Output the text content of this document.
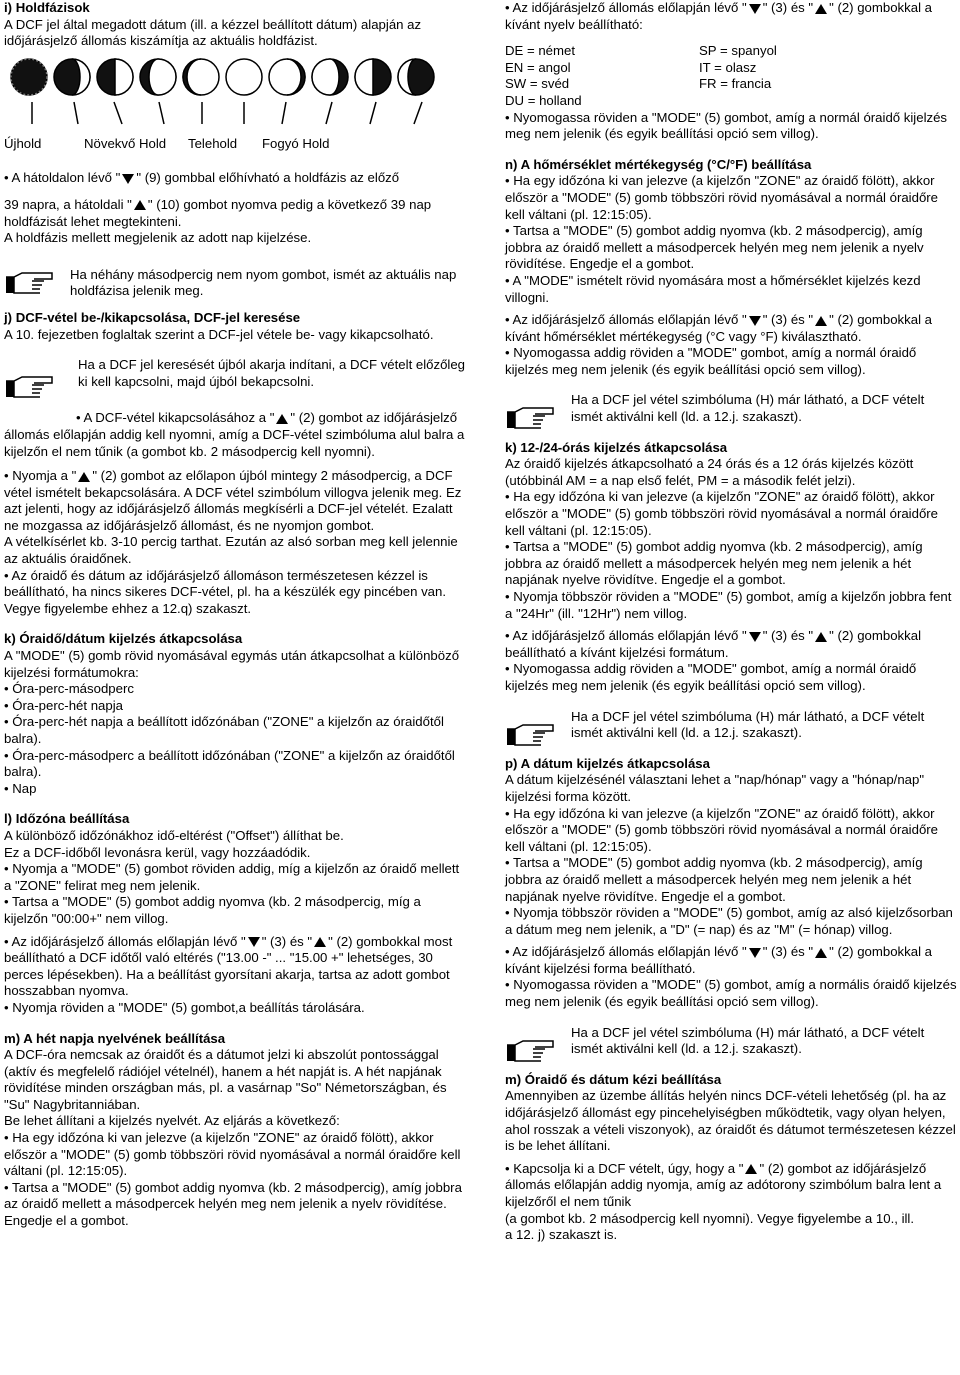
i) Holdfázisok

A DCF jel által megadott dátum (ill. a kézzel beállított dátum) alapján az időjárásjelző állomás kiszámítja az aktuális holdfázist.

Újhold	Növekvő Hold Telehold Fogyó Hold

• A hátoldalon lévő " " (9) gombbal előhívható a holdfázis az előző

39 napra, a hátoldali " " (10) gombot nyomva pedig a következő 39 nap holdfázisát lehet megtekinteni.

A holdfázis mellett megjelenik az adott nap kijelzése.

Ha néhány másodpercig nem nyom gombot, ismét az aktuális nap holdfázisa jelenik meg.

j) DCF-vétel be-/kikapcsolása, DCF-jel keresése

A 10. fejezetben foglaltak szerint a DCF-jel vétele be- vagy kikapcsolható.

Ha a DCF jel keresését újból akarja indítani, a DCF vételt előzőleg ki kell kapcsolni, majd újból bekapcsolni.

• A DCF-vétel kikapcsolásához a " " (2) gombot az időjárásjelző állomás előlapján addig kell nyomni, amíg a DCF-vétel szimbóluma alul balra a kijelzőn el nem tűnik (a gombot kb. 2 másodpercig kell nyomni).

• Nyomja a " " (2) gombot az előlapon újból mintegy 2 másodpercig, a DCF vétel ismételt bekapcsolására. A DCF vétel szimbólum villogva jelenik meg. Ez azt jelenti, hogy az időjárásjelző állomás megkísérli a DCF-jel vételét. Ezalatt ne mozgassa az időjárásjelző állomást, és ne nyomjon gombot.

A vételkísérlet kb. 3-10 percig tarthat. Ezután az alsó sorban meg kell jelennie az aktuális óraidőnek.

• Az óraidő és dátum az időjárásjelző állomáson természetesen kézzel is beállítható, ha nincs sikeres DCF-vétel, pl. ha a készülék egy pincében van. Vegye figyelembe ehhez a 12.q) szakaszt.

k) Óraidő/dátum kijelzés átkapcsolása

A "MODE" (5) gomb rövid nyomásával egymás után átkapcsolhat a különböző kijelzési formátumokra:

• Óra-perc-másodperc

• Óra-perc-hét napja

• Óra-perc-hét napja a beállított időzónában ("ZONE" a kijelzőn az óraidőtől balra).

• Óra-perc-másodperc a beállított időzónában ("ZONE" a kijelzőn az óraidőtől balra).

• Nap

l) Időzóna beállítása

A különböző időzónákhoz idő-eltérést ("Offset") állíthat be.

Ez a DCF-időből levonásra kerül, vagy hozzáadódik.

• Nyomja a "MODE" (5) gombot röviden addig, míg a kijelzőn az óraidő mellett a "ZONE" felirat meg nem jelenik.

• Tartsa a "MODE" (5) gombot addig nyomva (kb. 2 másodpercig, míg a kijelzőn "00:00+" nem villog.

• Az időjárásjelző állomás előlapján lévő " " (3) és " " (2) gombokkal most beállítható a DCF időtől való eltérés ("13.00 -" ... "15.00 +" lehetséges, 30 perces lépésekben). Ha a beállítást gyorsítani akarja, tartsa az adott gombot hosszabban nyomva.

• Nyomja röviden a "MODE" (5) gombot,a beállítás tárolására.

m) A hét napja nyelvének beállítása

A DCF-óra nemcsak az óraidőt és a dátumot jelzi ki abszolút pontossággal (aktív és megfelelő rádiójel vételnél), hanem a hét napját is. A hét napjának rövidítése minden országban más, pl. a vasárnap "So" Németországban, és "Su" Nagybritanniában.

Be lehet állítani a kijelzés nyelvét. Az eljárás a következő:

• Ha egy időzóna ki van jelezve (a kijelzőn "ZONE" az óraidő fölött), akkor először a "MODE" (5) gomb többszöri rövid nyomásával a normál óraidőre kell váltani (pl. 12:15:05).

• Tartsa a "MODE" (5) gombot addig nyomva (kb. 2 másodpercig), amíg jobbra az óraidő mellett a másodpercek helyén meg nem jelenik a nyelv rövidítése. Engedje el a gombot.

• Az időjárásjelző állomás előlapján lévő " " (3) és " " (2) gombokkal a kívánt nyelv beállítható:

DE = német	SP = spanyol
EN = angol	IT = olasz
SW = svéd	FR = francia
DU = holland

• Nyomogassa röviden a "MODE" (5) gombot, amíg a normál óraidő kijelzés meg nem jelenik (és egyik beállítási opció sem villog).

n) A hőmérséklet mértékegység (°C/°F) beállítása

• Ha egy időzóna ki van jelezve (a kijelzőn "ZONE" az óraidő fölött), akkor először a "MODE" (5) gomb többszöri rövid nyomásával a normál óraidőre kell váltani (pl. 12:15:05).

• Tartsa a "MODE" (5) gombot addig nyomva (kb. 2 másodpercig), amíg jobbra az óraidő mellett a másodpercek helyén meg nem jelenik a nyelv rövidítése. Engedje el a gombot.

• A "MODE" ismételt rövid nyomására most a hőmérséklet kijelzés kezd villogni.

• Az időjárásjelző állomás előlapján lévő " " (3) és " " (2) gombokkal a kívánt hőmérséklet mértékegység (°C vagy °F) kiválasztható.

• Nyomogassa addig röviden a "MODE" gombot, amíg a normál óraidő kijelzés meg nem jelenik (és egyik beállítási opció sem villog).

Ha a DCF jel vétel szimbóluma (H) már látható, a DCF vételt ismét aktiválni kell (ld. a 12.j. szakaszt).

k) 12-/24-órás kijelzés átkapcsolása

Az óraidő kijelzés átkapcsolható a 24 órás és a 12 órás kijelzés között (utóbbinál AM = a nap első felét, PM = a második felét jelzi).

• Ha egy időzóna ki van jelezve (a kijelzőn "ZONE" az óraidő fölött), akkor először a "MODE" (5) gomb többszöri rövid nyomásával a normál óraidőre kell váltani (pl. 12:15:05).

• Tartsa a "MODE" (5) gombot addig nyomva (kb. 2 másodpercig), amíg jobbra az óraidő mellett a másodpercek helyén meg nem jelenik a hét napjának nyelve rövidítve. Engedje el a gombot.

• Nyomja többször röviden a "MODE" (5) gombot, amíg a kijelzőn jobbra fent a "24Hr" (ill. "12Hr") nem villog.

• Az időjárásjelző állomás előlapján lévő " " (3) és " " (2) gombokkal beállítható a kívánt kijelzési formátum.

• Nyomogassa addig röviden a "MODE" gombot, amíg a normál óraidő kijelzés meg nem jelenik (és egyik beállítási opció sem villog).

Ha a DCF jel vétel szimbóluma (H) már látható, a DCF vételt ismét aktiválni kell (ld. a 12.j. szakaszt).

p) A dátum kijelzés átkapcsolása

A dátum kijelzésénél választani lehet a "nap/hónap" vagy a "hónap/nap" kijelzési forma között.

• Ha egy időzóna ki van jelezve (a kijelzőn "ZONE" az óraidő fölött), akkor először a "MODE" (5) gomb többszöri rövid nyomásával a normál óraidőre kell váltani (pl. 12:15:05).

• Tartsa a "MODE" (5) gombot addig nyomva (kb. 2 másodpercig), amíg jobbra az óraidő mellett a másodpercek helyén meg nem jelenik a hét napjának nyelve rövidítve. Engedje el a gombot.

• Nyomja többször röviden a "MODE" (5) gombot, amíg az alsó kijelzősorban a dátum meg nem jelenik, a "D" (= nap) és az "M" (= hónap) villog.

• Az időjárásjelző állomás előlapján lévő " " (3) és " " (2) gombokkal a kívánt kijelzési forma beállítható.

• Nyomogassa röviden a "MODE" (5) gombot, amíg a normális óraidő kijelzés meg nem jelenik (és egyik beállítási opció sem villog).

Ha a DCF jel vétel szimbóluma (H) már látható, a DCF vételt ismét aktiválni kell (ld. a 12.j. szakaszt).

m) Óraidő és dátum kézi beállítása

Amennyiben az üzembe állítás helyén nincs DCF-vételi lehetőség (pl. ha az időjárásjelző állomást egy pincehelyiségben működtetik, vagy olyan helyen, ahol rosszak a vételi viszonyok), az óraidőt és dátumot természetesen kézzel is be lehet állítani.

• Kapcsolja ki a DCF vételt, úgy, hogy a " " (2) gombot az időjárásjelző állomás előlapján addig nyomja, amíg az adótorony szimbólum balra lent a kijelzőről el nem tűnik

(a gombot kb. 2 másodpercig kell nyomni). Vegye figyelembe a 10., ill.

a 12. j) szakaszt is.
